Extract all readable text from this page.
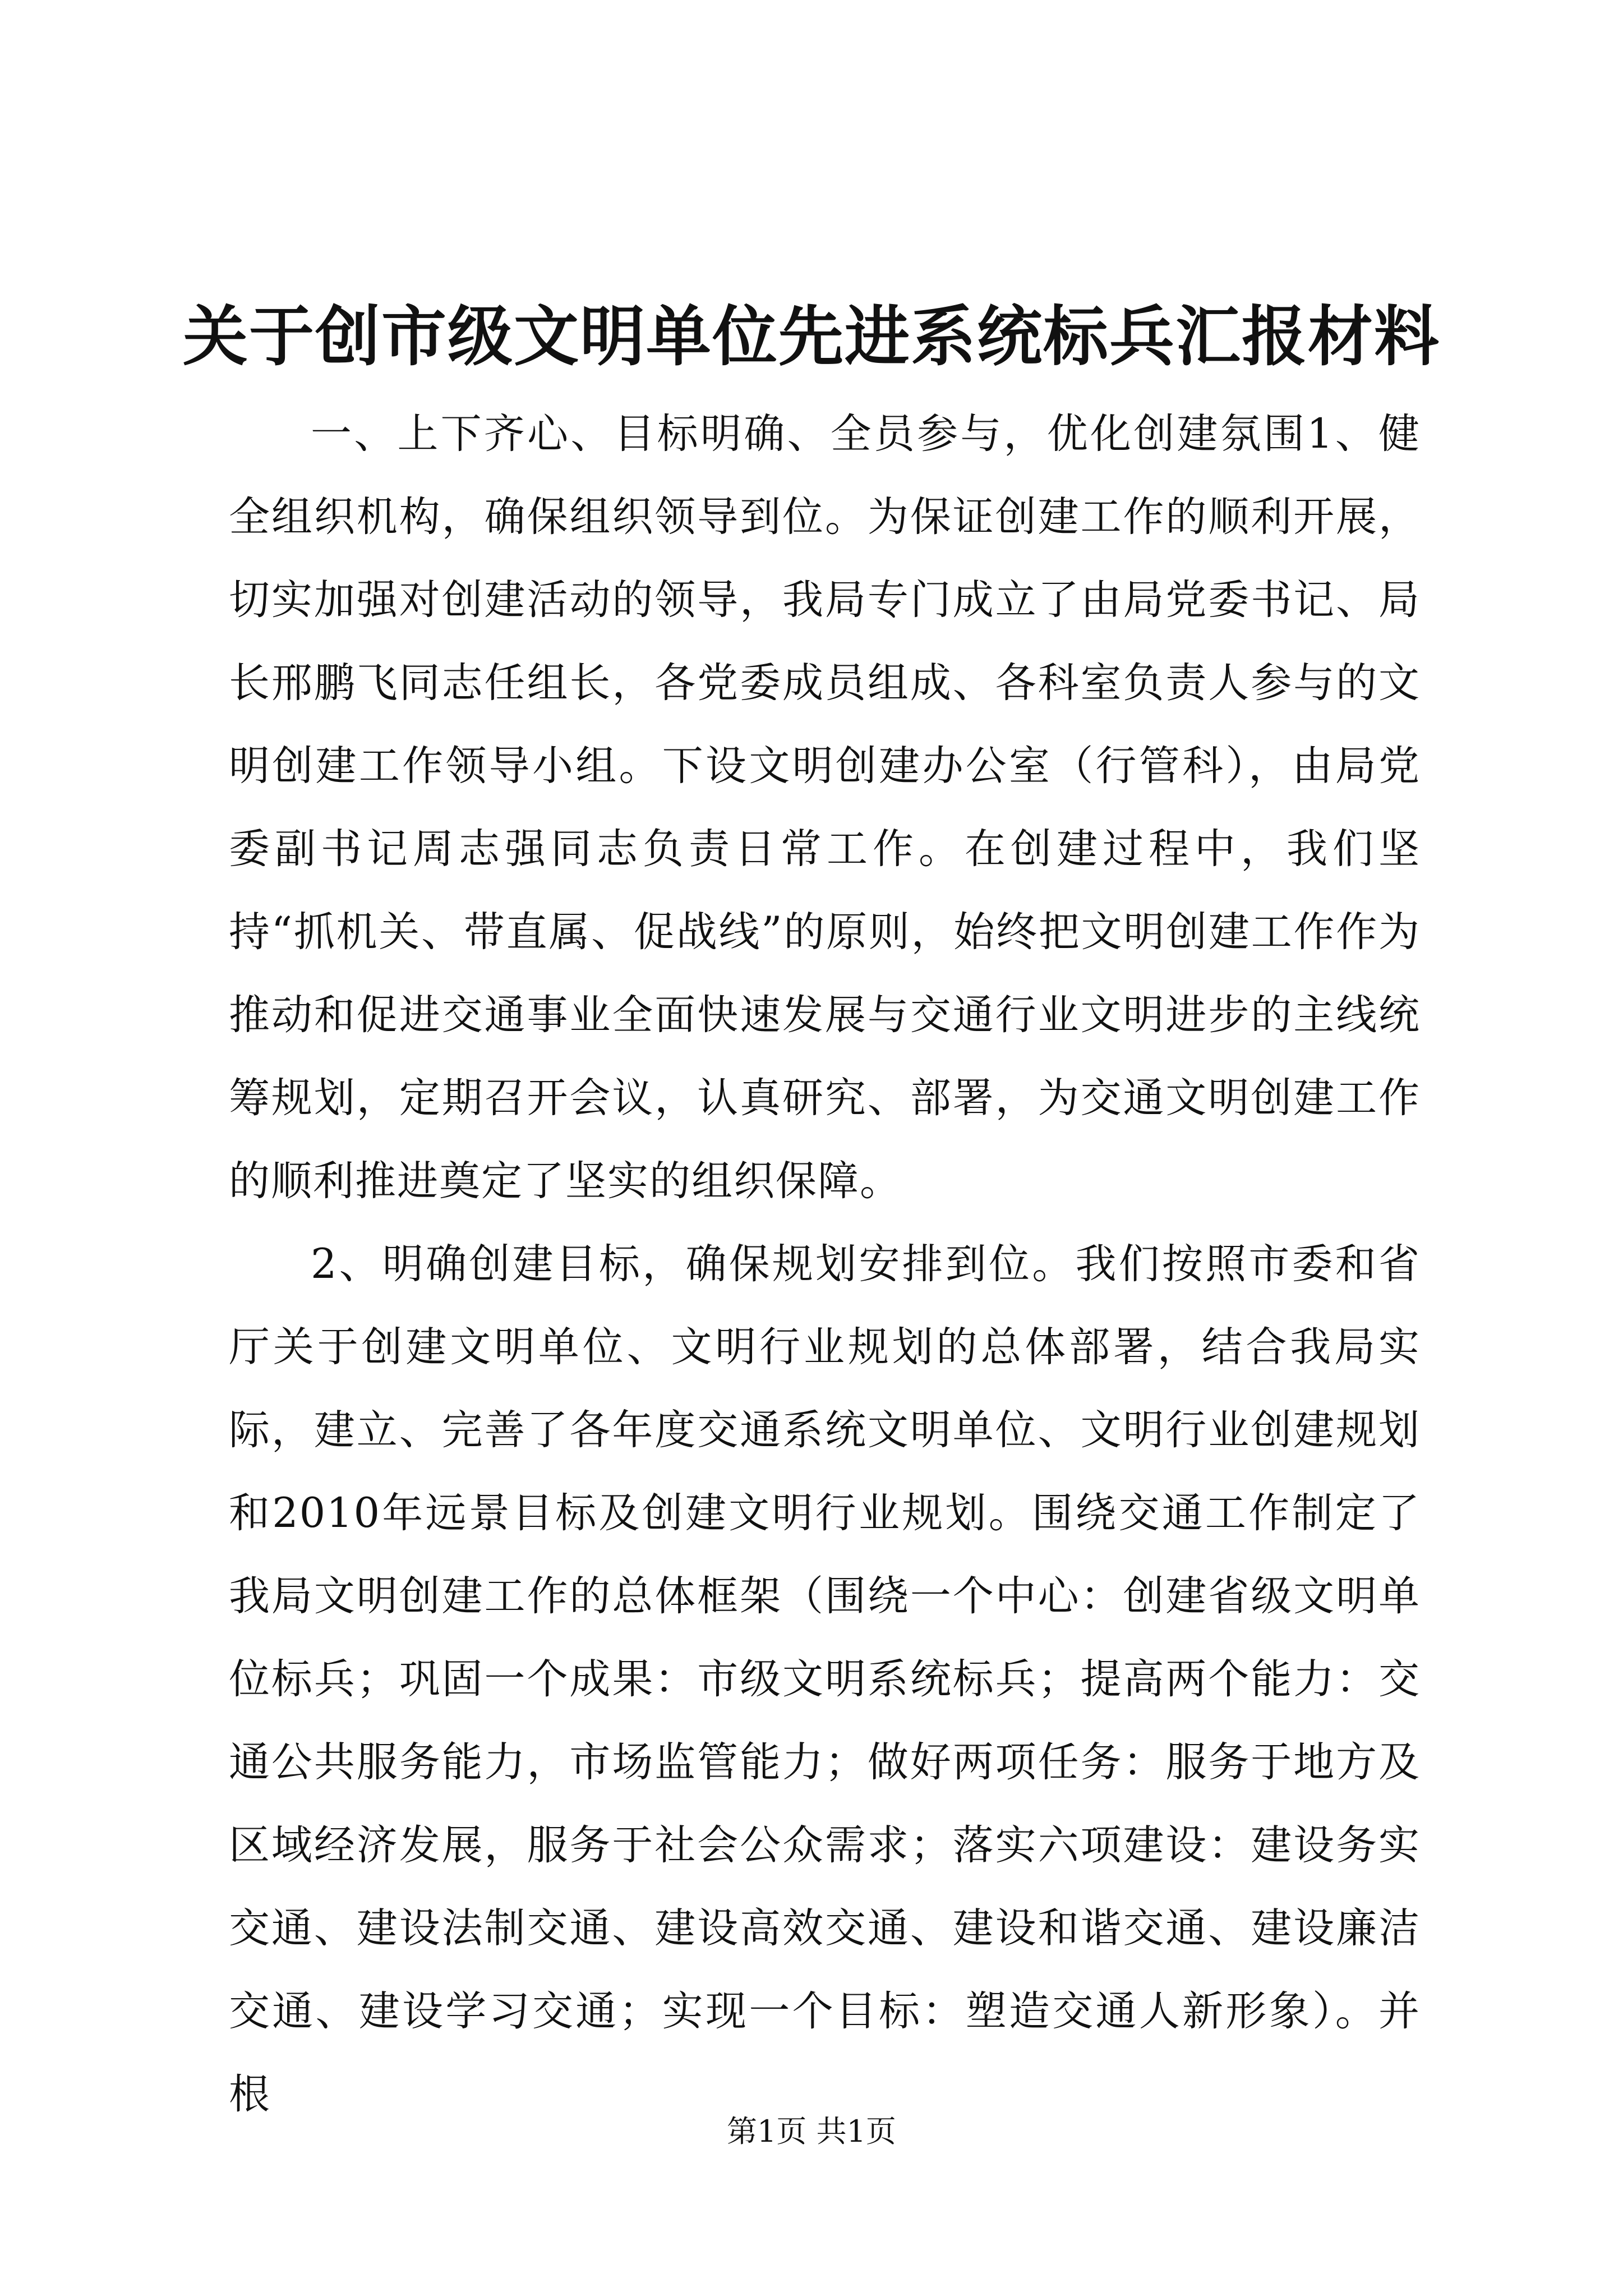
关于创市级文明单位先进系统标兵汇报材料

一、上下齐心、目标明确、全员参与，优化创建氛围1、健全组织机构，确保组织领导到位。为保证创建工作的顺利开展，切实加强对创建活动的领导，我局专门成立了由局党委书记、局长邢鹏飞同志任组长，各党委成员组成、各科室负责人参与的文明创建工作领导小组。下设文明创建办公室（行管科），由局党委副书记周志强同志负责日常工作。在创建过程中，我们坚持“抓机关、带直属、促战线”的原则，始终把文明创建工作作为推动和促进交通事业全面快速发展与交通行业文明进步的主线统筹规划，定期召开会议，认真研究、部署，为交通文明创建工作的顺利推进奠定了坚实的组织保障。

2、明确创建目标，确保规划安排到位。我们按照市委和省厅关于创建文明单位、文明行业规划的总体部署，结合我局实际，建立、完善了各年度交通系统文明单位、文明行业创建规划和2010年远景目标及创建文明行业规划。围绕交通工作制定了我局文明创建工作的总体框架（围绕一个中心：创建省级文明单位标兵；巩固一个成果：市级文明系统标兵；提高两个能力：交通公共服务能力，市场监管能力；做好两项任务：服务于地方及区域经济发展，服务于社会公众需求；落实六项建设：建设务实交通、建设法制交通、建设高效交通、建设和谐交通、建设廉洁交通、建设学习交通；实现一个目标：塑造交通人新形象）。并根

第1页 共1页
